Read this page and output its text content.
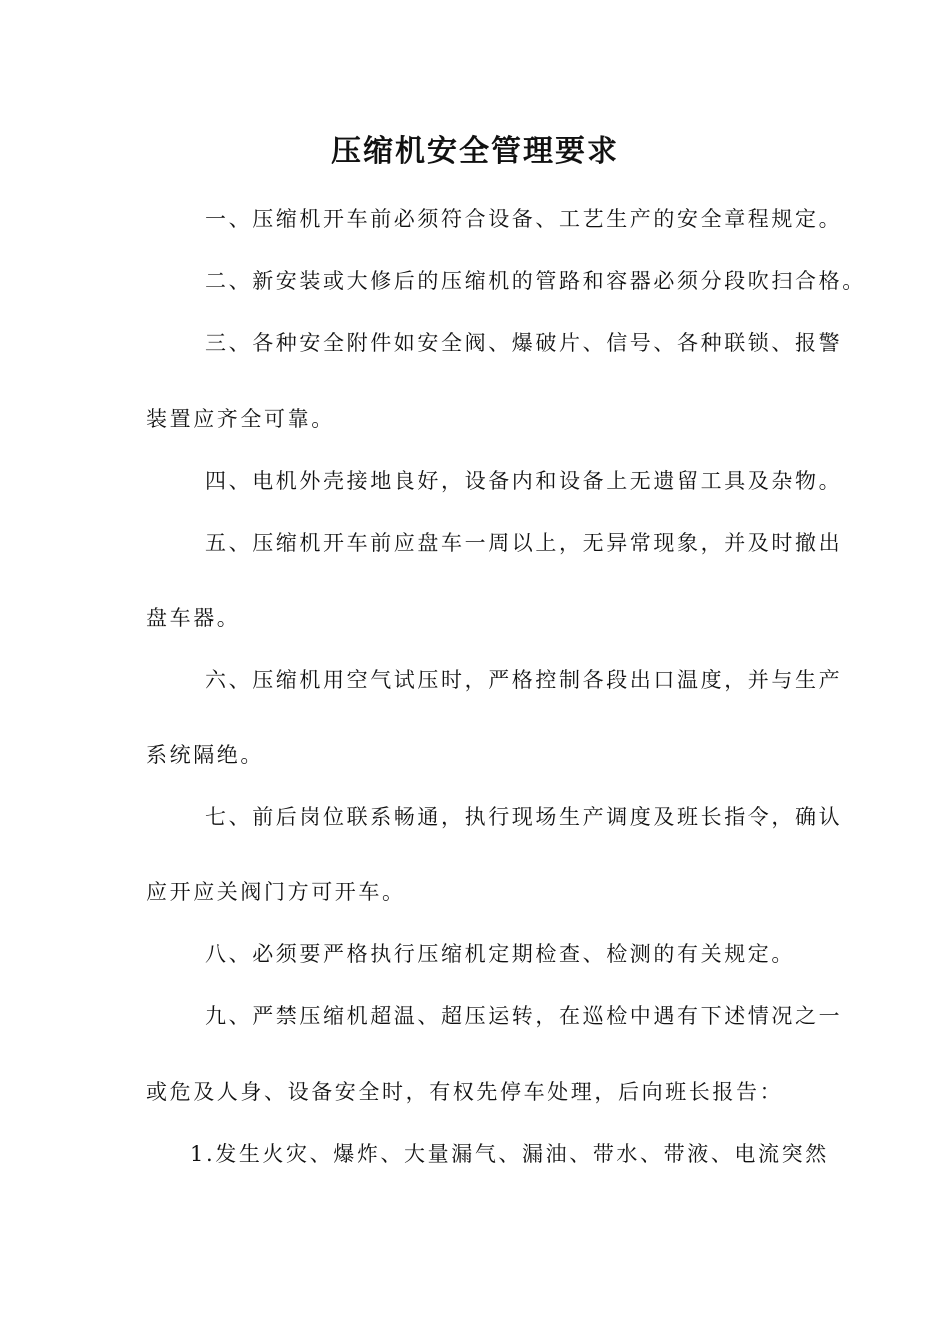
压缩机安全管理要求
一、压缩机开车前必须符合设备、工艺生产的安全章程规定。
二、新安装或大修后的压缩机的管路和容器必须分段吹扫合格。
三、各种安全附件如安全阀、爆破片、信号、各种联锁、报警
装置应齐全可靠。
四、电机外壳接地良好，设备内和设备上无遗留工具及杂物。
五、压缩机开车前应盘车一周以上，无异常现象，并及时撤出
盘车器。
六、压缩机用空气试压时，严格控制各段出口温度，并与生产
系统隔绝。
七、前后岗位联系畅通，执行现场生产调度及班长指令，确认
应开应关阀门方可开车。
八、必须要严格执行压缩机定期检查、检测的有关规定。
九、严禁压缩机超温、超压运转，在巡检中遇有下述情况之一
或危及人身、设备安全时，有权先停车处理，后向班长报告：
1.发生火灾、爆炸、大量漏气、漏油、带水、带液、电流突然
